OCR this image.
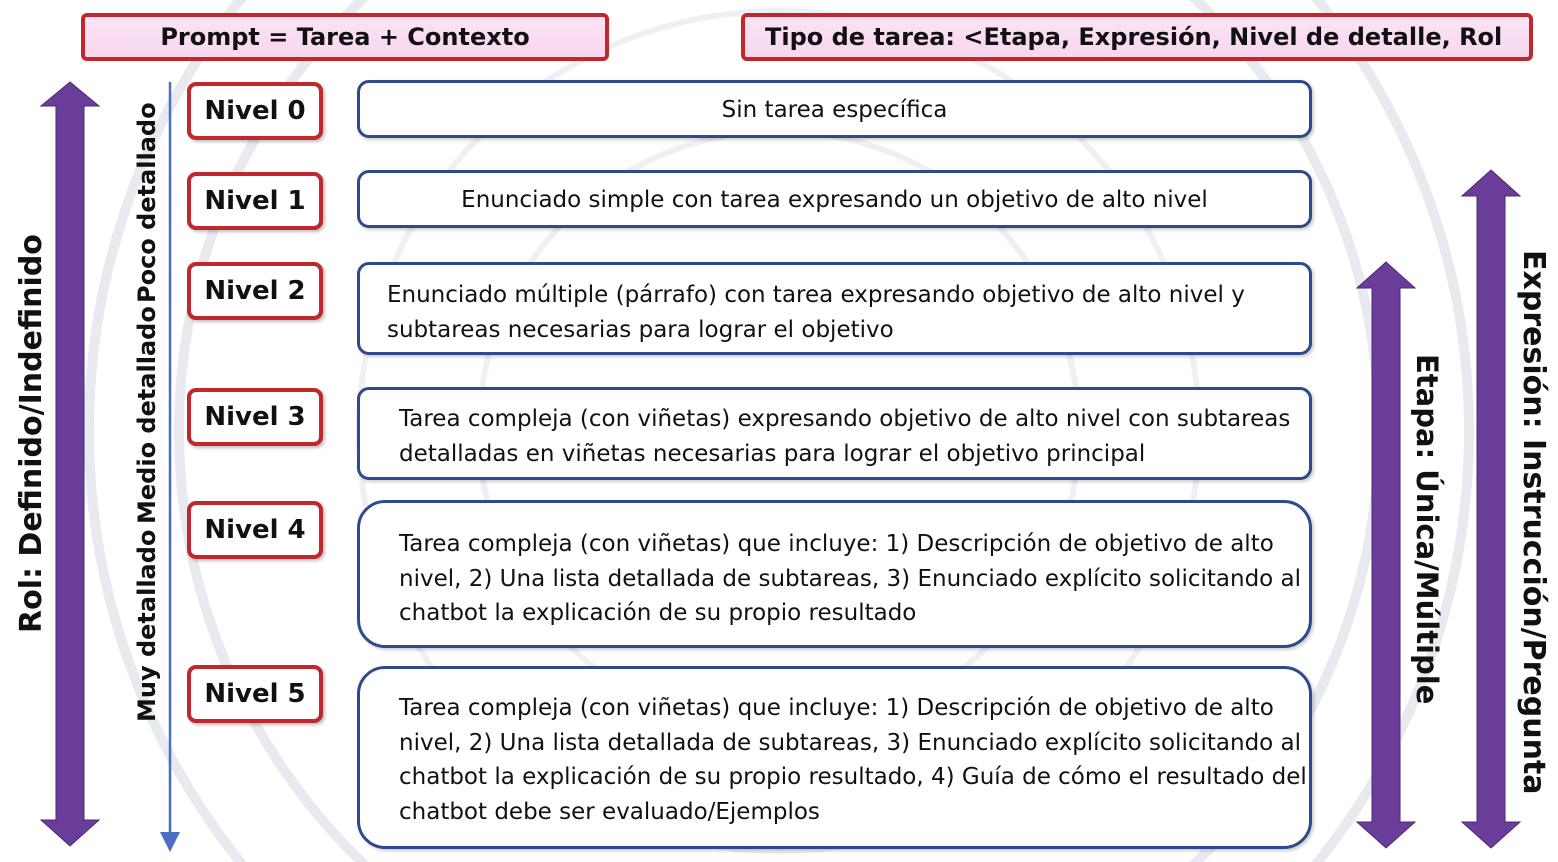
Prompt = Tarea + Contexto	Tipo de tarea: <Etapa, Expresión, Nivel de detalle, Rol
Rol: Definido/Indefinido
Poco detallado
Medio detallado
Muy detallado	Etapa: Única/Múltiple Expresión: Instrucción/Pregunta
Nivel 0	Sin tarea específica
Nivel 1	Enunciado simple con tarea expresando un objetivo de alto nivel
Nivel 2	Enunciado múltiple (párrafo) con tarea expresando objetivo de alto nivel y
subtareas necesarias para lograr el objetivo
Nivel 3	Tarea compleja (con viñetas) expresando objetivo de alto nivel con subtareas
detalladas en viñetas necesarias para lograr el objetivo principal
Nivel 4	Tarea compleja (con viñetas) que incluye: 1) Descripción de objetivo de alto
nivel, 2) Una lista detallada de subtareas, 3) Enunciado explícito solicitando al
chatbot la explicación de su propio resultado
Nivel 5	Tarea compleja (con viñetas) que incluye: 1) Descripción de objetivo de alto
nivel, 2) Una lista detallada de subtareas, 3) Enunciado explícito solicitando al
chatbot la explicación de su propio resultado, 4) Guía de cómo el resultado del
chatbot debe ser evaluado/Ejemplos
